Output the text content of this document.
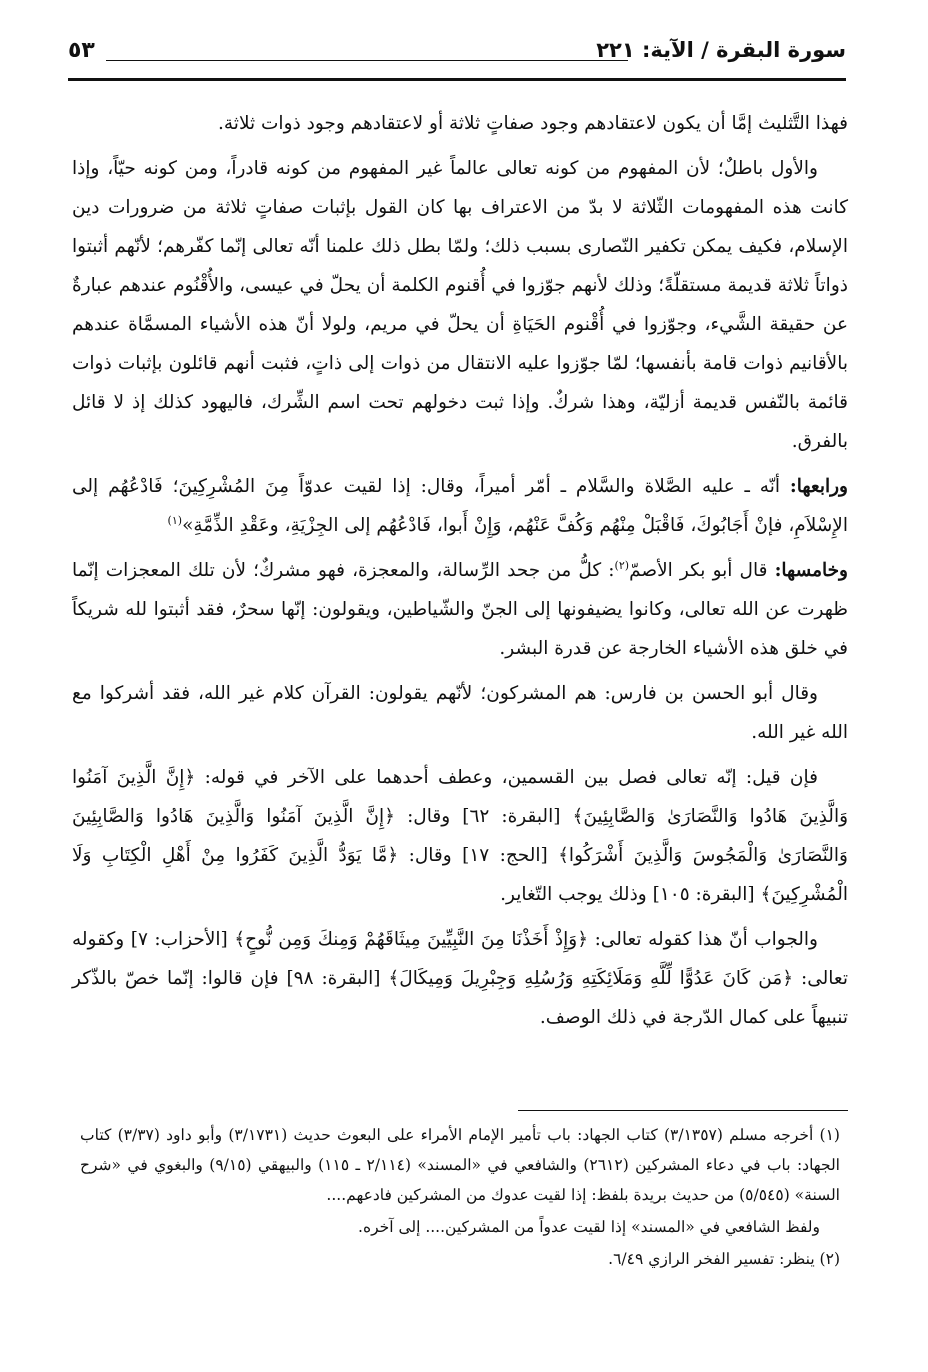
سورة البقرة / الآية: ٢٢١
٥٣

فهذا التَّثليث إمَّا أن يكون لاعتقادهم وجود صفاتٍ ثلاثة أو لاعتقادهم وجود ذوات ثلاثة.

والأول باطلٌ؛ لأن المفهوم من كونه تعالى عالماً غير المفهوم من كونه قادراً، ومن كونه حيّاً، وإذا كانت هذه المفهومات الثّلاثة لا بدّ من الاعتراف بها كان القول بإثبات صفاتٍ ثلاثة من ضرورات دين الإسلام، فكيف يمكن تكفير النّصارى بسبب ذلك؛ ولمّا بطل ذلك علمنا أنّه تعالى إنّما كفّرهم؛ لأنّهم أثبتوا ذواتاً ثلاثة قديمة مستقلّةً؛ وذلك لأنهم جوّزوا في أُقنوم الكلمة أن يحلّ في عيسى، والأُقْنُوم عندهم عبارةٌ عن حقيقة الشَّيء، وجوّزوا في أُقْنوم الحَيَاةِ أن يحلّ في مريم، ولولا أنّ هذه الأشياء المسمَّاة عندهم بالأقانيم ذوات قامة بأنفسها؛ لمّا جوّزوا عليه الانتقال من ذوات إلى ذاتٍ، فثبت أنهم قائلون بإثبات ذوات قائمة بالنّفس قديمة أزليّة، وهذا شركٌ. وإذا ثبت دخولهم تحت اسم الشِّرك، فاليهود كذلك إذ لا قائل بالفرق.

ورابعها: أنّه ـ عليه الصَّلاة والسَّلام ـ أمّر أميراً، وقال: إذا لقيت عدوّاً مِنَ المُشْرِكِينَ؛ فَادْعُهُم إلى الإِسْلاَمِ، فإنْ أَجَابُوكَ، فَاقْبَلْ مِنْهُم وَكُفَّ عَنْهُم، وَإِنْ أَبوا، فَادْعُهُم إلى الجِزْيَةِ، وعَقْدِ الذِّمَّةِ»$^{(١)}$

وخامسها: قال أبو بكر الأصمّ$^{(٢)}$: كلُّ من جحد الرِّسالة، والمعجزة، فهو مشركٌ؛ لأن تلك المعجزات إنّما ظهرت عن الله تعالى، وكانوا يضيفونها إلى الجنّ والشّياطين، ويقولون: إنّها سحرٌ، فقد أثبتوا لله شريكاً في خلق هذه الأشياء الخارجة عن قدرة البشر.

وقال أبو الحسن بن فارس: هم المشركون؛ لأنّهم يقولون: القرآن كلام غير الله، فقد أشركوا مع الله غير الله.

فإن قيل: إنّه تعالى فصل بين القسمين، وعطف أحدهما على الآخر في قوله: ﴿إِنَّ الَّذِينَ آمَنُوا وَالَّذِينَ هَادُوا وَالنَّصَارَىٰ وَالصَّابِئِينَ﴾ [البقرة: ٦٢] وقال: ﴿إِنَّ الَّذِينَ آمَنُوا وَالَّذِينَ هَادُوا وَالصَّابِئِينَ وَالنَّصَارَىٰ وَالْمَجُوسَ وَالَّذِينَ أَشْرَكُوا﴾ [الحج: ١٧] وقال: ﴿مَّا يَوَدُّ الَّذِينَ كَفَرُوا مِنْ أَهْلِ الْكِتَابِ وَلَا الْمُشْرِكِينَ﴾ [البقرة: ١٠٥] وذلك يوجب التّغاير.

والجواب أنّ هذا كقوله تعالى: ﴿وَإِذْ أَخَذْنَا مِنَ النَّبِيِّينَ مِيثَاقَهُمْ وَمِنكَ وَمِن نُّوحٍ﴾ [الأحزاب: ٧] وكقوله تعالى: ﴿مَن كَانَ عَدُوًّا لِّلَّهِ وَمَلَائِكَتِهِ وَرُسُلِهِ وَجِبْرِيلَ وَمِيكَالَ﴾ [البقرة: ٩٨] فإن قالوا: إنّما خصّ بالذّكر تنبيهاً على كمال الدّرجة في ذلك الوصف.

(١) أخرجه مسلم (٣/١٣٥٧) كتاب الجهاد: باب تأمير الإمام الأمراء على البعوث حديث (٣/١٧٣١) وأبو داود (٣/٣٧) كتاب الجهاد: باب في دعاء المشركين (٢٦١٢) والشافعي في «المسند» (٢/١١٤ ـ ١١٥) والبيهقي (٩/١٥) والبغوي في «شرح السنة» (٥/٥٤٥) من حديث بريدة بلفظ: إذا لقيت عدوك من المشركين فادعهم....

ولفظ الشافعي في «المسند» إذا لقيت عدواً من المشركين.... إلى آخره.

(٢) ينظر: تفسير الفخر الرازي ٦/٤٩.
